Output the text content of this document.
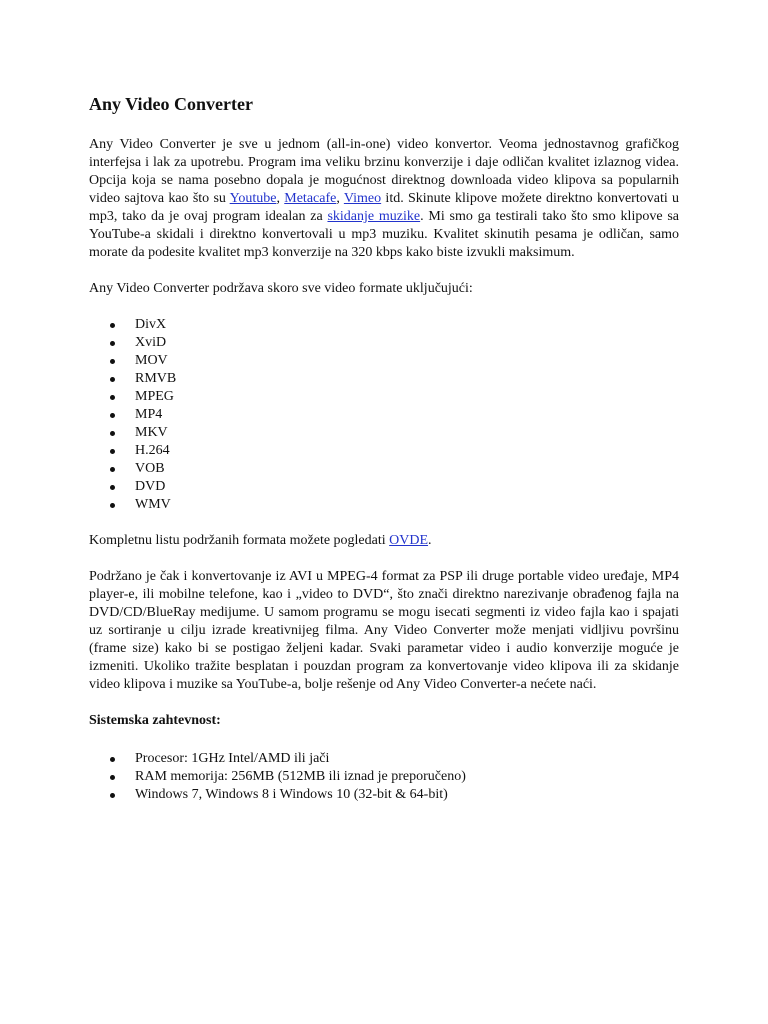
Any Video Converter

Any Video Converter je sve u jednom (all-in-one) video konvertor. Veoma jednostavnog grafičkog interfejsa i lak za upotrebu. Program ima veliku brzinu konverzije i daje odličan kvalitet izlaznog videa. Opcija koja se nama posebno dopala je mogućnost direktnog downloada video klipova sa popularnih video sajtova kao što su Youtube, Metacafe, Vimeo itd. Skinute klipove možete direktno konvertovati u mp3, tako da je ovaj program idealan za skidanje muzike. Mi smo ga testirali tako što smo klipove sa YouTube-a skidali i direktno konvertovali u mp3 muziku. Kvalitet skinutih pesama je odličan, samo morate da podesite kvalitet mp3 konverzije na 320 kbps kako biste izvukli maksimum.

Any Video Converter podržava skoro sve video formate uključujući:

DivX
XviD
MOV
RMVB
MPEG
MP4
MKV
H.264
VOB
DVD
WMV

Kompletnu listu podržanih formata možete pogledati OVDE.

Podržano je čak i konvertovanje iz AVI u MPEG-4 format za PSP ili druge portable video uređaje, MP4 player-e, ili mobilne telefone, kao i „video to DVD“, što znači direktno narezivanje obrađenog fajla na DVD/CD/BlueRay medijume. U samom programu se mogu isecati segmenti iz video fajla kao i spajati uz sortiranje u cilju izrade kreativnijeg filma. Any Video Converter može menjati vidljivu površinu (frame size) kako bi se postigao željeni kadar. Svaki parametar video i audio konverzije moguće je izmeniti. Ukoliko tražite besplatan i pouzdan program za konvertovanje video klipova ili za skidanje video klipova i muzike sa YouTube-a, bolje rešenje od Any Video Converter-a nećete naći.

Sistemska zahtevnost:
Procesor: 1GHz Intel/AMD ili jači
RAM memorija: 256MB (512MB ili iznad je preporučeno)
Windows 7, Windows 8 i Windows 10 (32-bit & 64-bit)
